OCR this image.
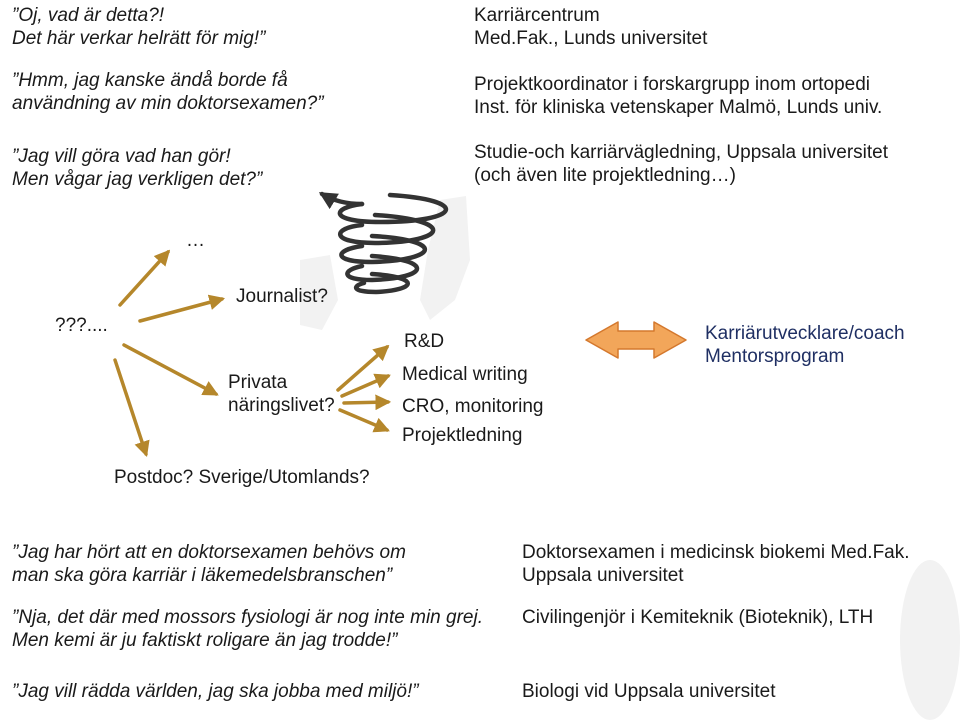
”Oj, vad är detta?!
Det här verkar helrätt för mig!”
”Hmm, jag kanske ändå borde få
användning av min doktorsexamen?”
”Jag vill göra vad han gör!
Men vågar jag verkligen det?”
Karriärcentrum
Med.Fak., Lunds universitet
Projektkoordinator i forskargrupp inom ortopedi
Inst. för kliniska vetenskaper Malmö, Lunds univ.
Studie-och karriärvägledning, Uppsala universitet
(och även lite projektledning…)
…
???....
Journalist?
Privata
näringslivet?
Postdoc? Sverige/Utomlands?
R&D
Medical writing
CRO, monitoring
Projektledning
Karriärutvecklare/coach
Mentorsprogram
”Jag har hört att en doktorsexamen behövs om
man ska göra karriär i läkemedelsbranschen”
”Nja, det där med mossors fysiologi är nog inte min grej.
Men kemi är ju faktiskt roligare än jag trodde!”
”Jag vill rädda världen, jag ska jobba med miljö!”
Doktorsexamen i medicinsk biokemi Med.Fak.
Uppsala universitet
Civilingenjör i Kemiteknik (Bioteknik), LTH
Biologi vid Uppsala universitet
